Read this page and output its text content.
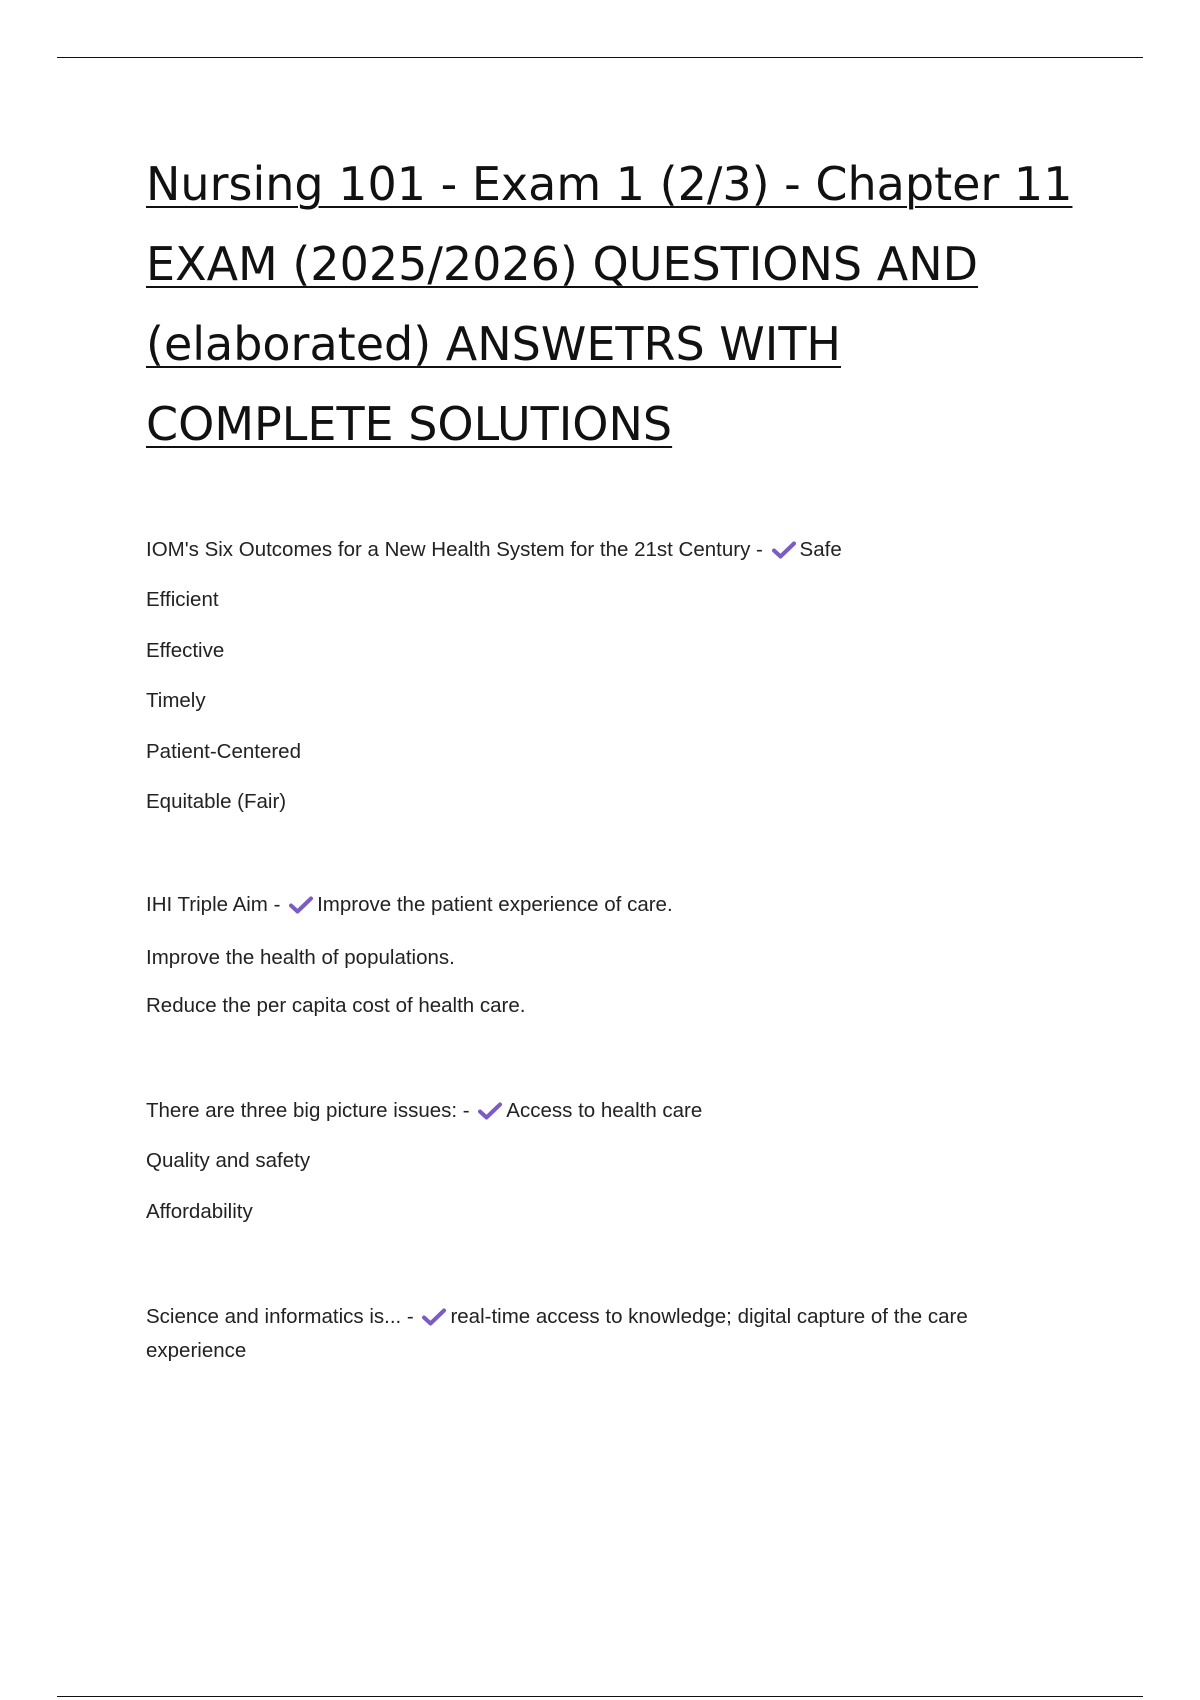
Nursing 101 - Exam 1 (2/3) - Chapter 11
EXAM (2025/2026) QUESTIONS AND
(elaborated) ANSWETRS WITH
COMPLETE SOLUTIONS
IOM's Six Outcomes for a New Health System for the 21st Century -
Safe
Efficient
Effective
Timely
Patient-Centered
Equitable (Fair)
IHI Triple Aim -
Improve the patient experience of care.
Improve the health of populations.
Reduce the per capita cost of health care.
There are three big picture issues: -
Access to health care
Quality and safety
Affordability
Science and informatics is... -
real-time access to knowledge; digital capture of the care experience
